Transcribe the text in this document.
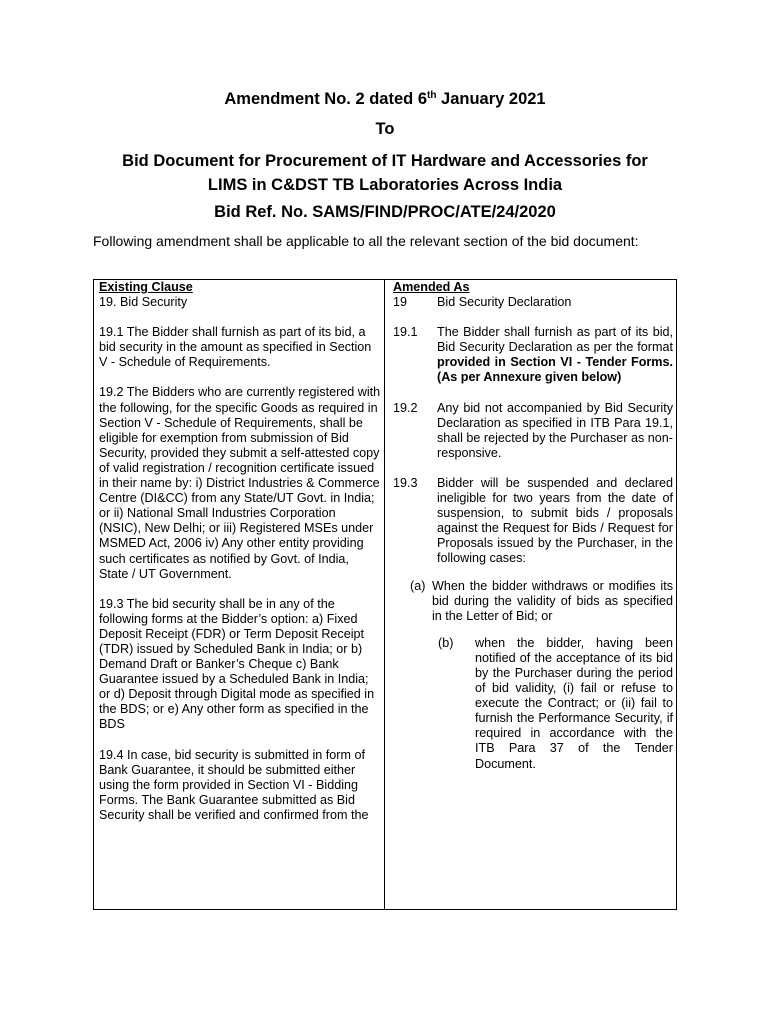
Amendment No. 2 dated 6th January 2021
To
Bid Document for Procurement of IT Hardware and Accessories for
LIMS in C&DST TB Laboratories Across India
Bid Ref. No. SAMS/FIND/PROC/ATE/24/2020
Following amendment shall be applicable to all the relevant section of the bid document:
Existing Clause
19. Bid Security
19.1 The Bidder shall furnish as part of its bid, a bid security in the amount as specified in Section V - Schedule of Requirements.
19.2 The Bidders who are currently registered with the following, for the specific Goods as required in Section V - Schedule of Requirements, shall be eligible for exemption from submission of Bid Security, provided they submit a self-attested copy of valid registration / recognition certificate issued in their name by: i) District Industries & Commerce Centre (DI&CC) from any State/UT Govt. in India; or ii) National Small Industries Corporation (NSIC), New Delhi; or iii) Registered MSEs under MSMED Act, 2006 iv) Any other entity providing such certificates as notified by Govt. of India, State / UT Government.
19.3 The bid security shall be in any of the following forms at the Bidder’s option: a) Fixed Deposit Receipt (FDR) or Term Deposit Receipt (TDR) issued by Scheduled Bank in India; or b) Demand Draft or Banker’s Cheque c) Bank Guarantee issued by a Scheduled Bank in India; or d) Deposit through Digital mode as specified in the BDS; or e) Any other form as specified in the BDS
19.4 In case, bid security is submitted in form of Bank Guarantee, it should be submitted either using the form provided in Section VI - Bidding Forms. The Bank Guarantee submitted as Bid Security shall be verified and confirmed from the
Amended As
19	Bid Security Declaration
19.1	The Bidder shall furnish as part of its bid, Bid Security Declaration as per the format provided in Section VI - Tender Forms.(As per Annexure given below)
19.2	Any bid not accompanied by Bid Security Declaration as specified in ITB Para 19.1, shall be rejected by the Purchaser as non-responsive.
19.3	Bidder will be suspended and declared ineligible for two years from the date of suspension, to submit bids / proposals against the Request for Bids / Request for Proposals issued by the Purchaser, in the following cases:
(a) When the bidder withdraws or modifies its bid during the validity of bids as specified in the Letter of Bid; or
(b)	when the bidder, having been notified of the acceptance of its bid by the Purchaser during the period of bid validity, (i) fail or refuse to execute the Contract; or (ii) fail to furnish the Performance Security, if required in accordance with the ITB Para 37 of the Tender Document.
